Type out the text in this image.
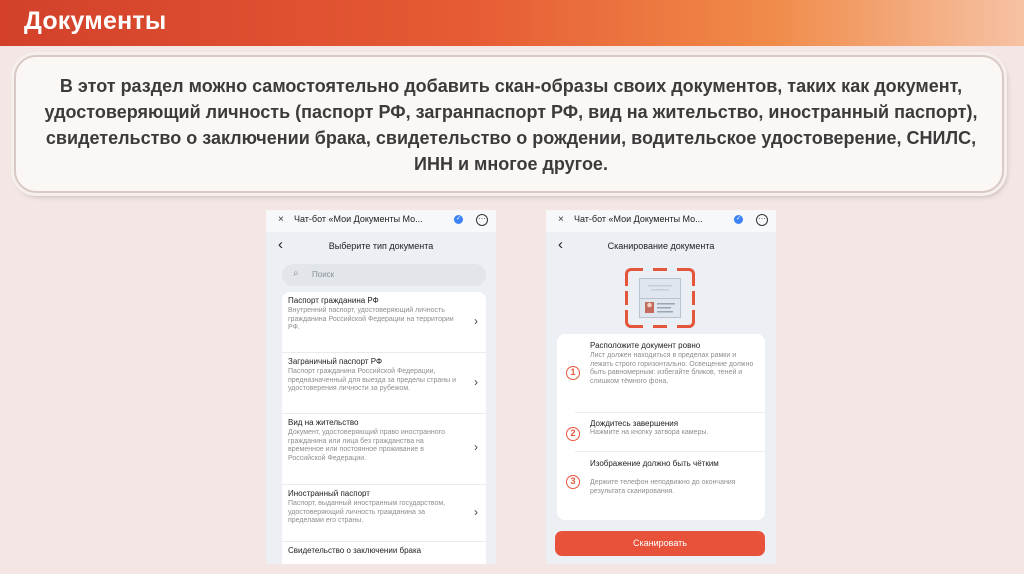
Документы
В этот раздел можно самостоятельно добавить скан-образы своих документов, таких как документ, удостоверяющий личность (паспорт РФ, загранпаспорт РФ, вид на жительство, иностранный паспорт), свидетельство о заключении брака, свидетельство о рождении, водительское удостоверение, СНИЛС, ИНН и многое другое.
× Чат-бот «Мои Документы Мо...	✓ ···
‹	Выберите тип документа
⌕ Поиск
Паспорт гражданина РФ
Внутренний паспорт, удостоверяющий личность гражданина Российской Федерации на территории РФ.	›
Заграничный паспорт РФ
Паспорт гражданина Российской Федерации, предназначенный для выезда за пределы страны и удостоверения личности за рубежом.	›
Вид на жительство
Документ, удостоверяющий право иностранного гражданина или лица без гражданства на временное или постоянное проживание в Российской Федерации.
›
Иностранный паспорт
Паспорт, выданный иностранным государством, удостоверяющий личность гражданина за пределами его страны.
›
Свидетельство о заключении брака
× Чат-бот «Мои Документы Мо...	✓ ···
‹	Сканирование документа
1
Расположите документ ровно
Лист должен находиться в пределах рамки и лежать строго горизонтально. Освещение должно быть равномерным: избегайте бликов, теней и слишком тёмного фона.
2
Дождитесь завершения
Нажмите на кнопку затвора камеры.
3
Изображение должно быть чётким
Держите телефон неподвижно до окончания результата сканирования.
Сканировать
